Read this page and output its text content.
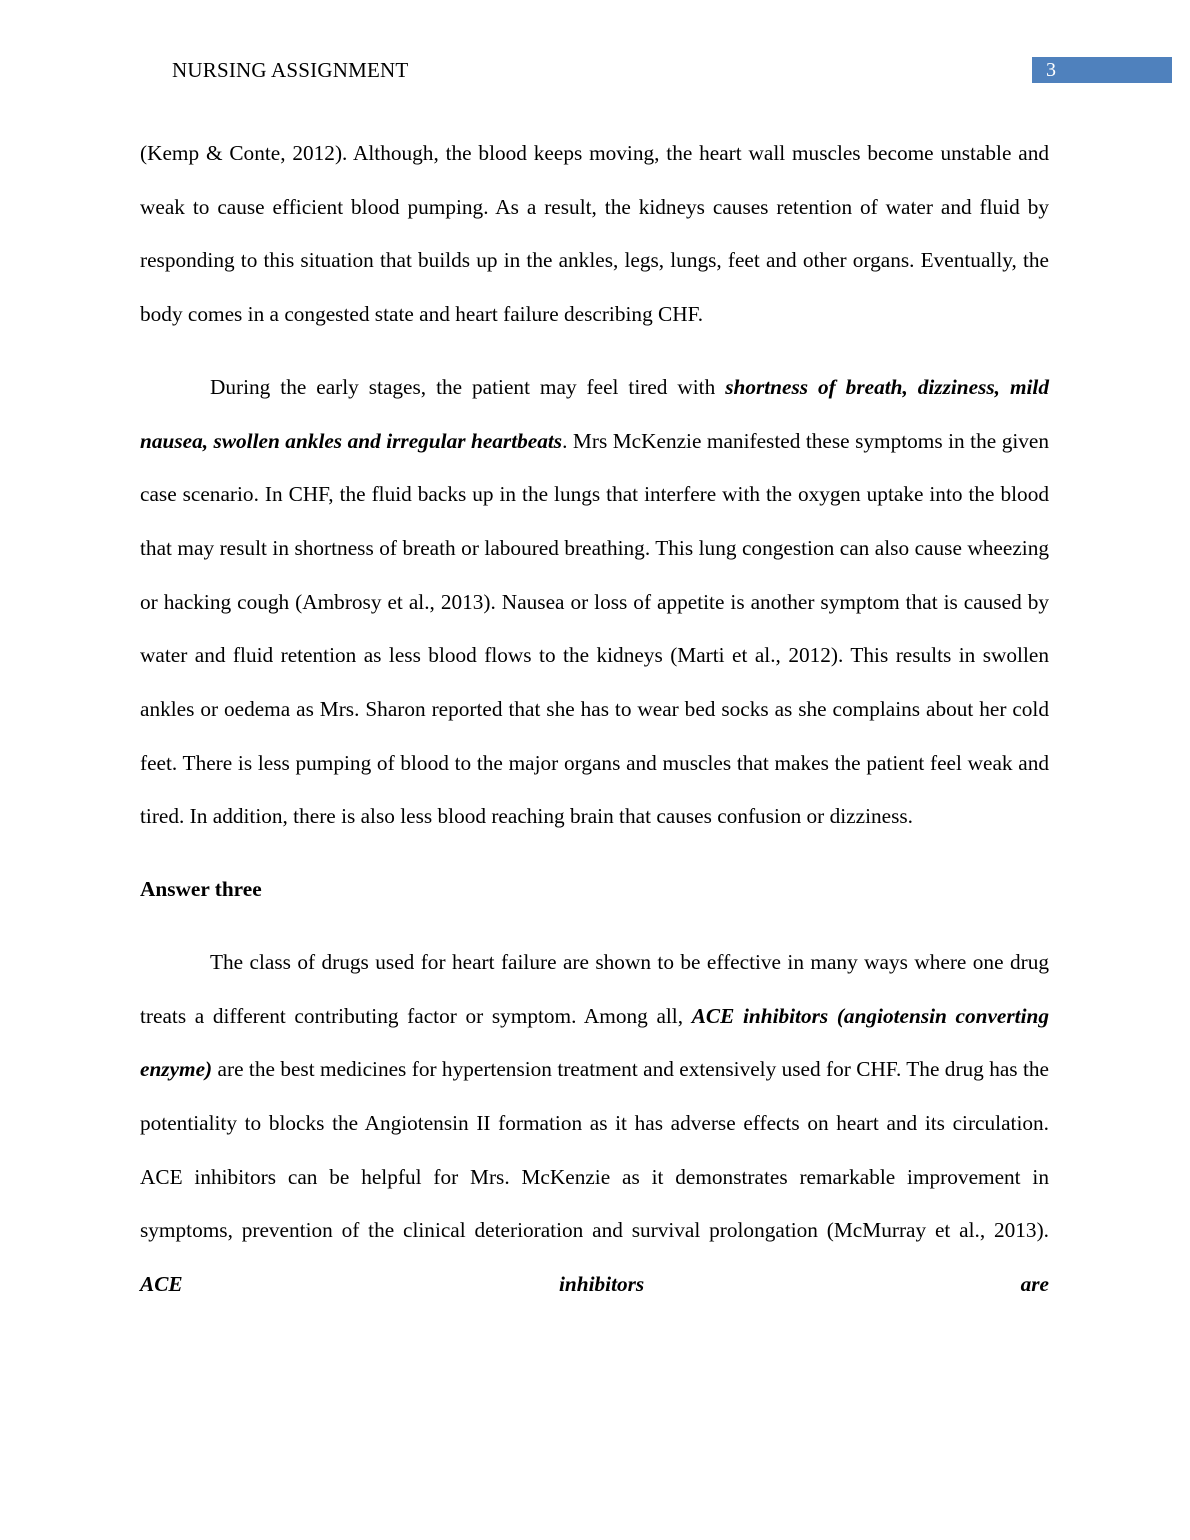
NURSING ASSIGNMENT	3

(Kemp & Conte, 2012). Although, the blood keeps moving, the heart wall muscles become unstable and weak to cause efficient blood pumping. As a result, the kidneys causes retention of water and fluid by responding to this situation that builds up in the ankles, legs, lungs, feet and other organs. Eventually, the body comes in a congested state and heart failure describing CHF.

During the early stages, the patient may feel tired with shortness of breath, dizziness, mild nausea, swollen ankles and irregular heartbeats. Mrs McKenzie manifested these symptoms in the given case scenario. In CHF, the fluid backs up in the lungs that interfere with the oxygen uptake into the blood that may result in shortness of breath or laboured breathing. This lung congestion can also cause wheezing or hacking cough (Ambrosy et al., 2013). Nausea or loss of appetite is another symptom that is caused by water and fluid retention as less blood flows to the kidneys (Marti et al., 2012). This results in swollen ankles or oedema as Mrs. Sharon reported that she has to wear bed socks as she complains about her cold feet. There is less pumping of blood to the major organs and muscles that makes the patient feel weak and tired. In addition, there is also less blood reaching brain that causes confusion or dizziness.

Answer three

The class of drugs used for heart failure are shown to be effective in many ways where one drug treats a different contributing factor or symptom. Among all, ACE inhibitors (angiotensin converting enzyme) are the best medicines for hypertension treatment and extensively used for CHF. The drug has the potentiality to blocks the Angiotensin II formation as it has adverse effects on heart and its circulation. ACE inhibitors can be helpful for Mrs. McKenzie as it demonstrates remarkable improvement in symptoms, prevention of the clinical deterioration and survival prolongation (McMurray et al., 2013). ACE inhibitors are
